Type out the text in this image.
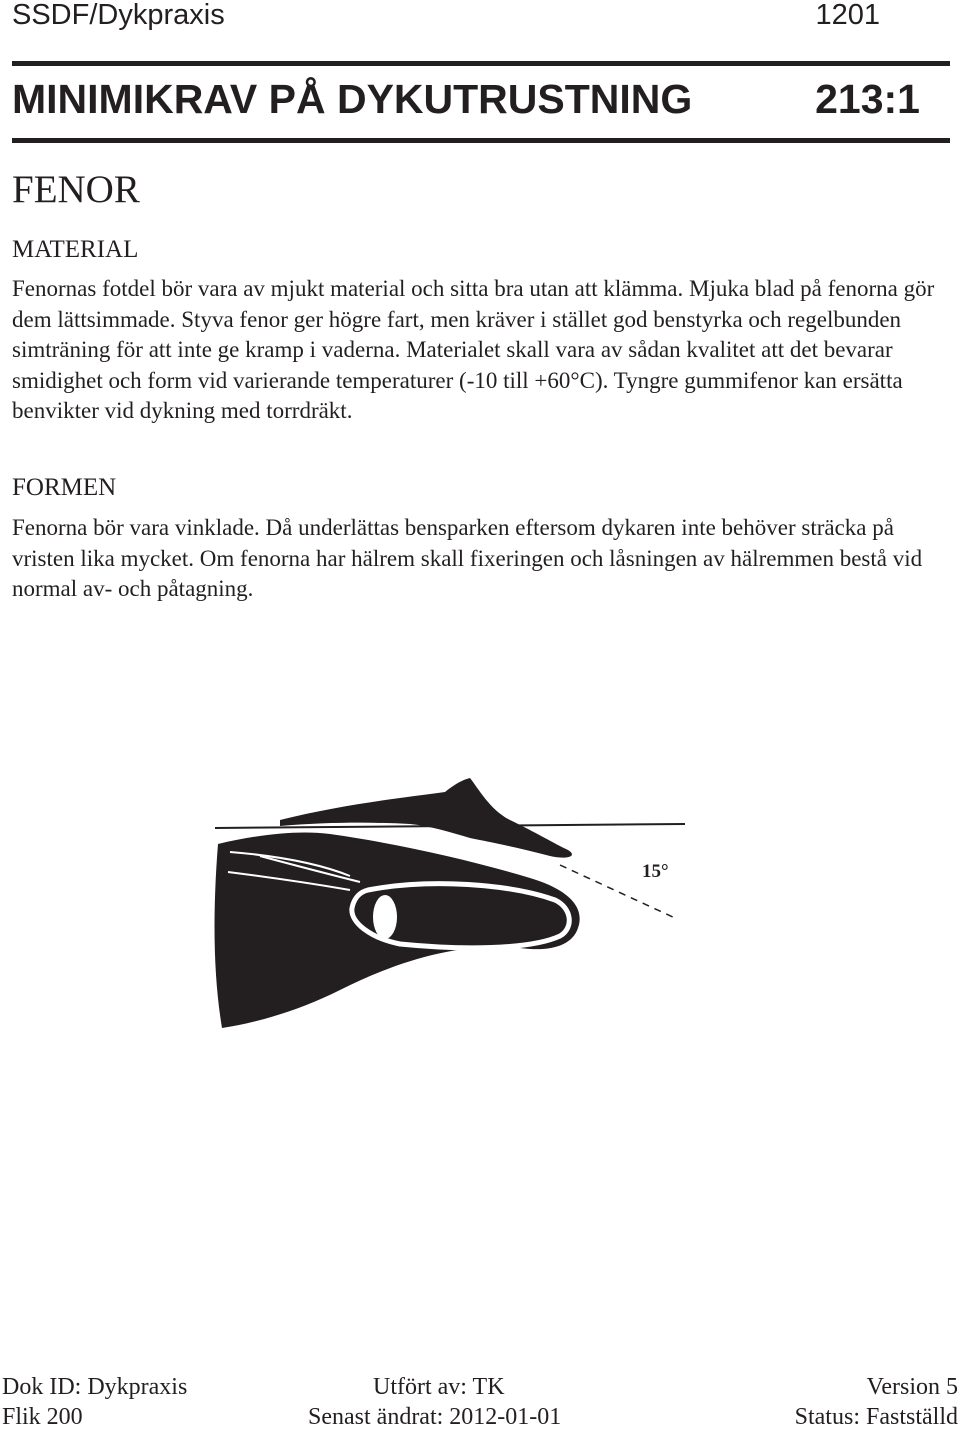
SSDF/Dykpraxis	1201
MINIMIKRAV PÅ DYKUTRUSTNING	213:1
FENOR
MATERIAL
Fenornas fotdel bör vara av mjukt material och sitta bra utan att klämma. Mjuka blad på fenorna gör dem lättsimmade. Styva fenor ger högre fart, men kräver i stället god benstyrka och regelbunden simträning för att inte ge kramp i vaderna. Materialet skall vara av sådan kvalitet att det bevarar smidighet och form vid varierande temperaturer (-10 till +60°C). Tyngre gummifenor kan ersätta benvikter vid dykning med torrdräkt.
FORMEN
Fenorna bör vara vinklade. Då underlättas bensparken eftersom dykaren inte behöver sträcka på vristen lika mycket. Om fenorna har hälrem skall fixeringen och låsningen av hälremmen bestå vid normal av- och påtagning.
15°
Dok ID: Dykpraxis
Flik 200
Utfört av: TK
Senast ändrat: 2012-01-01
Version 5
Status: Fastställd
